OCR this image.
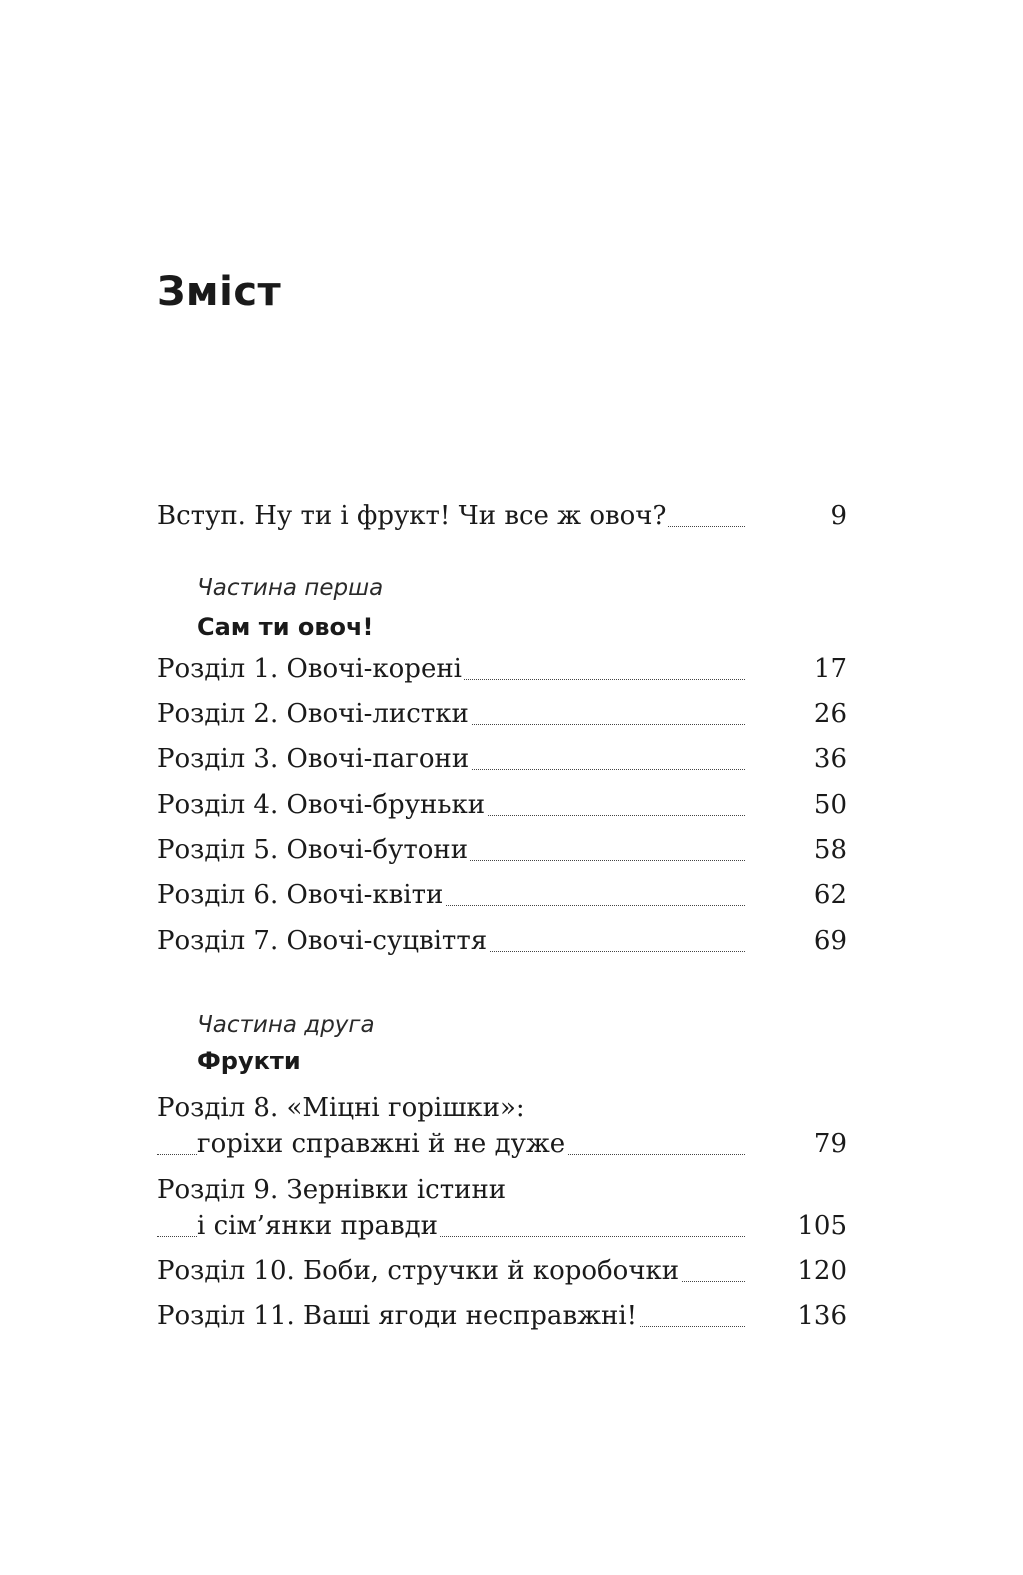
Зміст
Вступ. Ну ти і фрукт! Чи все ж овоч?	9
Частина перша
Сам ти овоч!
Розділ 1. Овочі-корені	17
Розділ 2. Овочі-листки	26
Розділ 3. Овочі-пагони	36
Розділ 4. Овочі-бруньки	50
Розділ 5. Овочі-бутони	58
Розділ 6. Овочі-квіти	62
Розділ 7. Овочі-суцвіття	69
Частина друга
Фрукти
Розділ 8. «Міцні горішки»:
горіхи справжні й не дуже	79
Розділ 9. Зернівки істини
і сім’янки правди	105
Розділ 10. Боби, стручки й коробочки	120
Розділ 11. Ваші ягоди несправжні!	136
